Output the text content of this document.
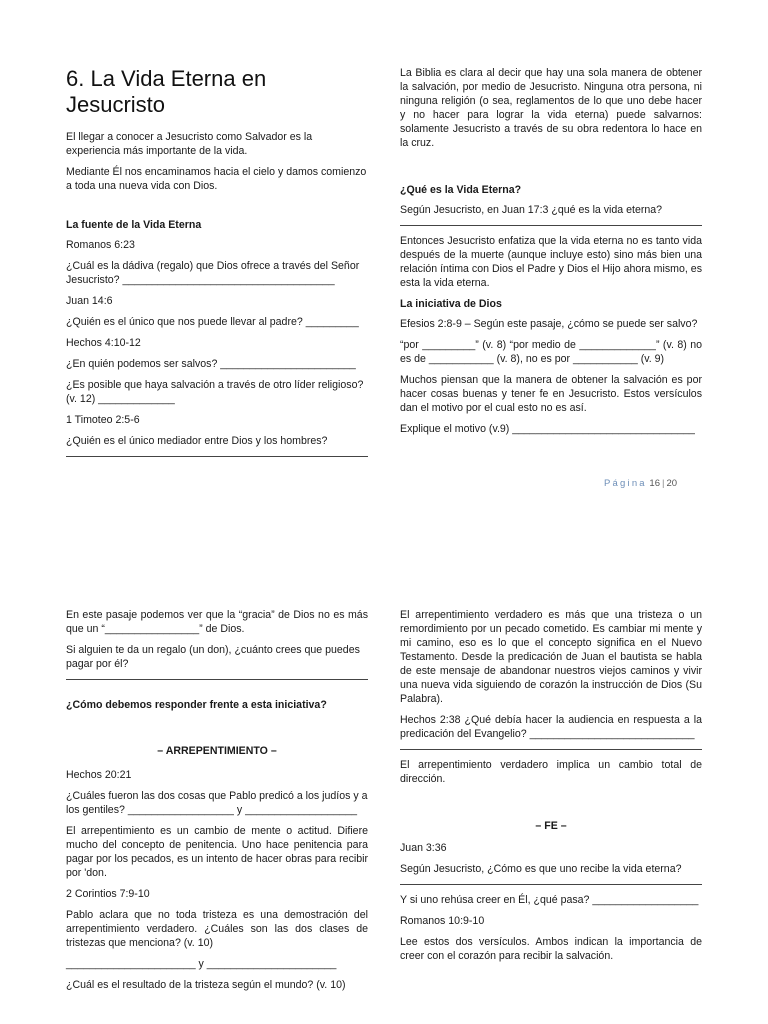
6. La Vida Eterna en Jesucristo

El llegar a conocer a Jesucristo como Salvador es la experiencia más importante de la vida.

Mediante Él nos encaminamos hacia el cielo y damos comienzo a toda una nueva vida con Dios.

La fuente de la Vida Eterna

Romanos 6:23

¿Cuál es la dádiva (regalo) que Dios ofrece a través del Señor Jesucristo? ____________________________________

Juan 14:6

¿Quién es el único que nos puede llevar al padre? _________

Hechos 4:10-12

¿En quién podemos ser salvos? _______________________

¿Es posible que haya salvación a través de otro líder religioso? (v. 12) _____________

1 Timoteo 2:5-6

¿Quién es el único mediador entre Dios y los hombres?

La Biblia es clara al decir que hay una sola manera de obtener la salvación, por medio de Jesucristo. Ninguna otra persona, ni ninguna religión (o sea, reglamentos de lo que uno debe hacer y no hacer para lograr la vida eterna) puede salvarnos: solamente Jesucristo a través de su obra redentora lo hace en la cruz.

¿Qué es la Vida Eterna?

Según Jesucristo, en Juan 17:3 ¿qué es la vida eterna?

Entonces Jesucristo enfatiza que la vida eterna no es tanto vida después de la muerte (aunque incluye esto) sino más bien una relación íntima con Dios el Padre y Dios el Hijo ahora mismo, es esta la vida eterna.

La iniciativa de Dios

Efesios 2:8-9 – Según este pasaje, ¿cómo se puede ser salvo?

“por _________” (v. 8) “por medio de _____________” (v. 8) no es de ___________ (v. 8), no es por ___________ (v. 9)

Muchos piensan que la manera de obtener la salvación es por hacer cosas buenas y tener fe en Jesucristo. Estos versículos dan el motivo por el cual esto no es así.

Explique el motivo (v.9) _______________________________

Página 16 | 20

En este pasaje podemos ver que la “gracia” de Dios no es más que un “________________” de Dios.

Si alguien te da un regalo (un don), ¿cuánto crees que puedes pagar por él?

¿Cómo debemos responder frente a esta iniciativa?
– ARREPENTIMIENTO –

Hechos 20:21

¿Cuáles fueron las dos cosas que Pablo predicó a los judíos y a los gentiles? __________________ y ___________________

El arrepentimiento es un cambio de mente o actitud. Difiere mucho del concepto de penitencia. Uno hace penitencia para pagar por los pecados, es un intento de hacer obras para recibir por 'don.

2 Corintios 7:9-10

Pablo aclara que no toda tristeza es una demostración del arrepentimiento verdadero. ¿Cuáles son las dos clases de tristezas que menciona? (v. 10)

______________________ y ______________________

¿Cuál es el resultado de la tristeza según el mundo? (v. 10)

El arrepentimiento verdadero es más que una tristeza o un remordimiento por un pecado cometido. Es cambiar mi mente y mi camino, eso es lo que el concepto significa en el Nuevo Testamento. Desde la predicación de Juan el bautista se habla de este mensaje de abandonar nuestros viejos caminos y vivir una nueva vida siguiendo de corazón la instrucción de Dios (Su Palabra).

Hechos 2:38 ¿Qué debía hacer la audiencia en respuesta a la predicación del Evangelio? ____________________________

El arrepentimiento verdadero implica un cambio total de dirección.

– FE –

Juan 3:36

Según Jesucristo, ¿Cómo es que uno recibe la vida eterna?

Y si uno rehúsa creer en Él, ¿qué pasa? __________________

Romanos 10:9-10

Lee estos dos versículos. Ambos indican la importancia de creer con el corazón para recibir la salvación.
